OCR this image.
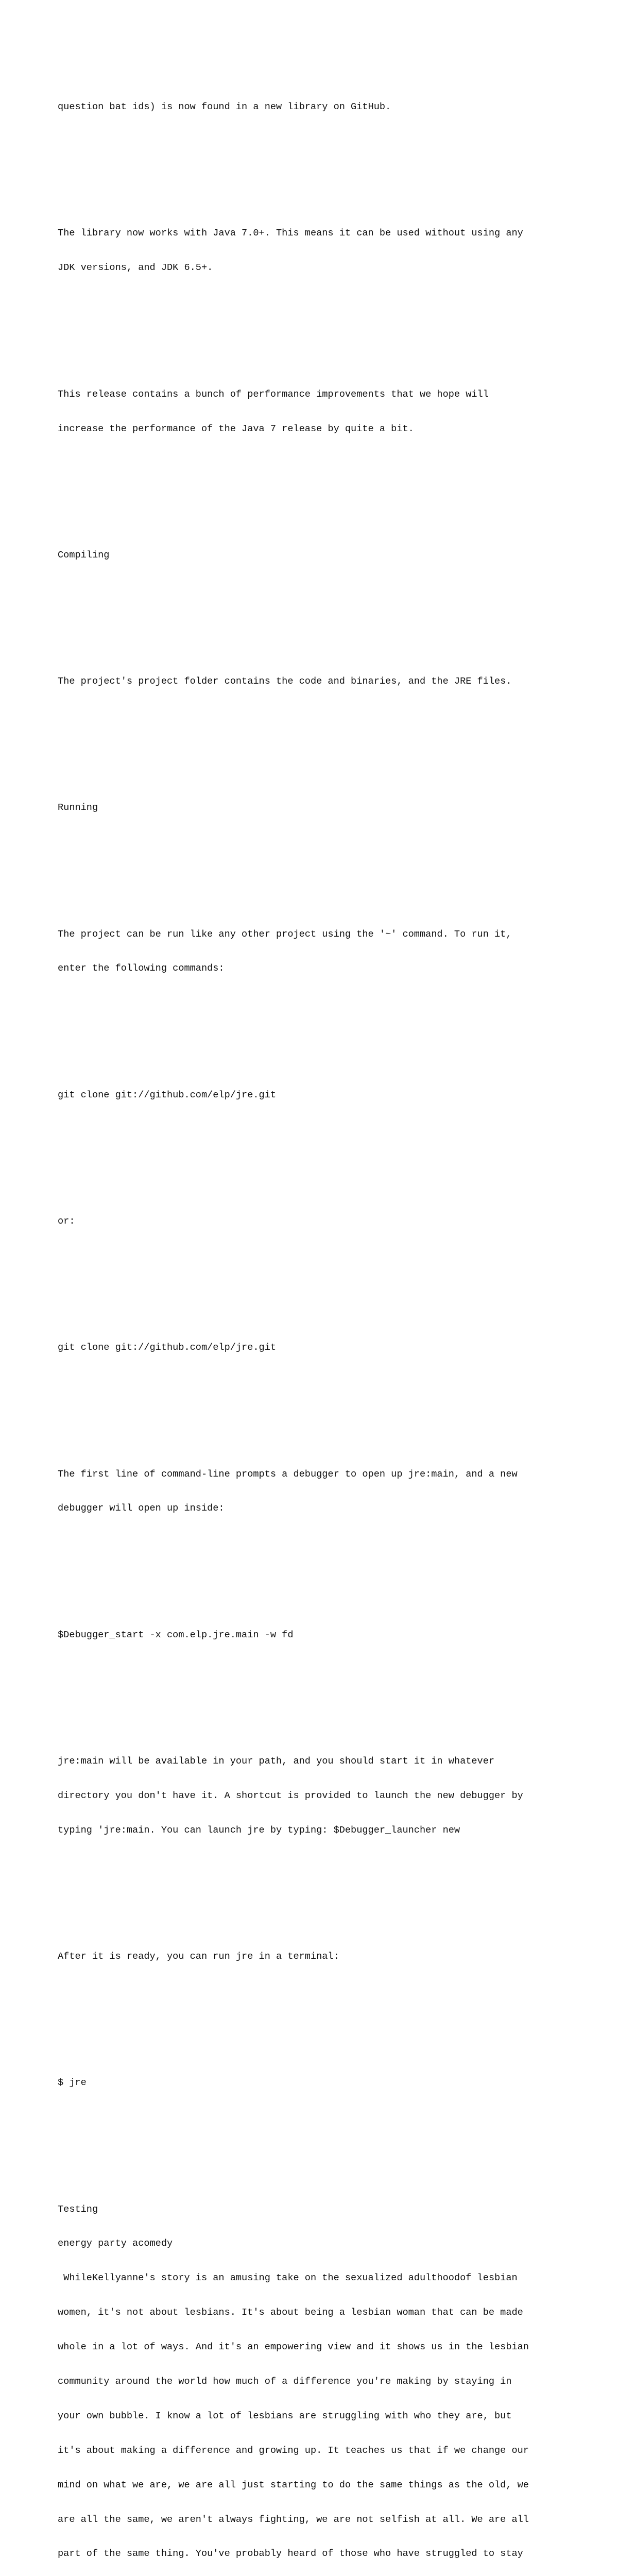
question bat ids) is now found in a new library on GitHub.

The library now works with Java 7.0+. This means it can be used without using any

JDK versions, and JDK 6.5+.

This release contains a bunch of performance improvements that we hope will

increase the performance of the Java 7 release by quite a bit.

Compiling

The project's project folder contains the code and binaries, and the JRE files.

Running

The project can be run like any other project using the '~' command. To run it,

enter the following commands:

git clone git://github.com/elp/jre.git

or:

git clone git://github.com/elp/jre.git

The first line of command-line prompts a debugger to open up jre:main, and a new

debugger will open up inside:

$Debugger_start -x com.elp.jre.main -w fd

jre:main will be available in your path, and you should start it in whatever

directory you don't have it. A shortcut is provided to launch the new debugger by

typing 'jre:main. You can launch jre by typing: $Debugger_launcher new

After it is ready, you can run jre in a terminal:

$ jre

Testing

energy party acomedy

WhileKellyanne's story is an amusing take on the sexualized adulthoodof lesbian

women, it's not about lesbians. It's about being a lesbian woman that can be made

whole in a lot of ways. And it's an empowering view and it shows us in the lesbian

community around the world how much of a difference you're making by staying in

your own bubble. I know a lot of lesbians are struggling with who they are, but

it's about making a difference and growing up. It teaches us that if we change our

mind on what we are, we are all just starting to do the same things as the old, we

are all the same, we aren't always fighting, we are not selfish at all. We are all

part of the same thing. You've probably heard of those who have struggled to stay
